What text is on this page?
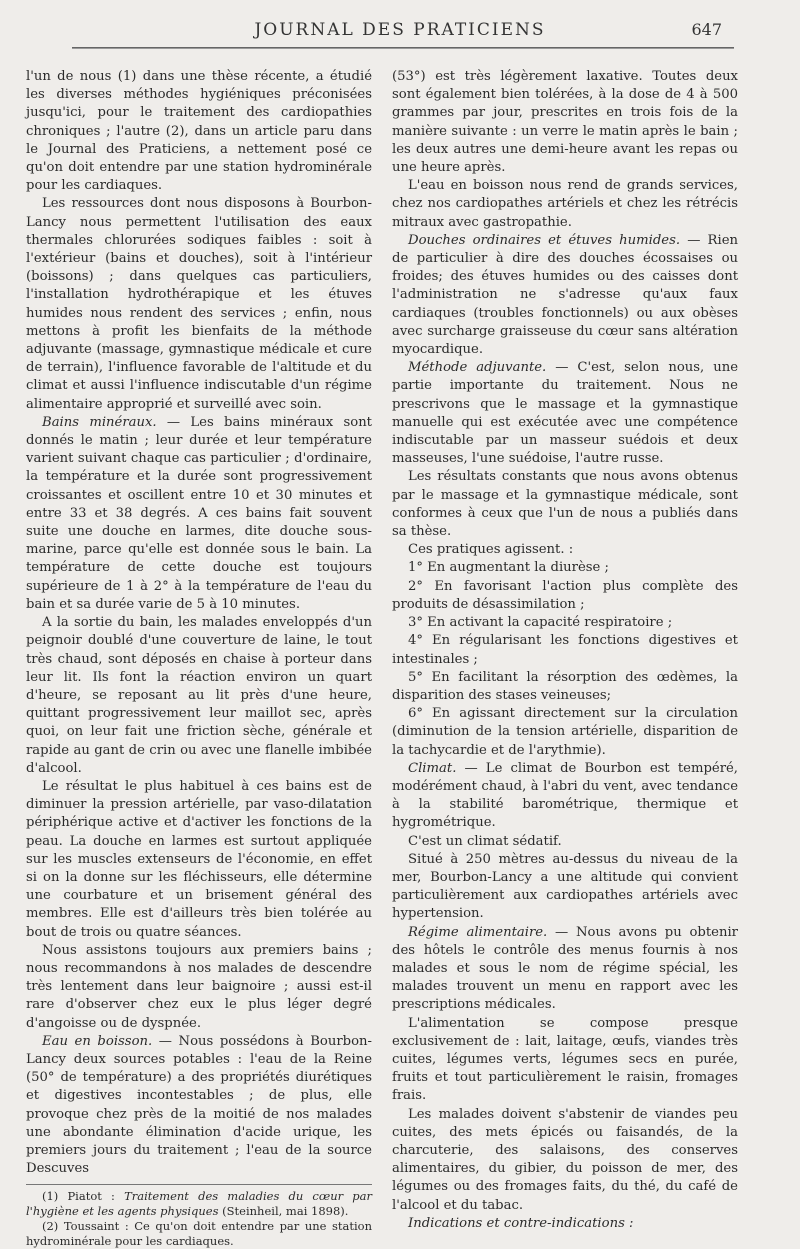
JOURNAL DES PRATICIENS	647

l'un de nous (1) dans une thèse récente, a étudié les diverses méthodes hygiéniques préconisées jusqu'ici, pour le traitement des cardiopathies chroniques ; l'autre (2), dans un article paru dans le Journal des Praticiens, a nettement posé ce qu'on doit entendre par une station hydrominérale pour les cardiaques.

Les ressources dont nous disposons à Bourbon-Lancy nous permettent l'utilisation des eaux thermales chlorurées sodiques faibles : soit à l'extérieur (bains et douches), soit à l'intérieur (boissons) ; dans quelques cas particuliers, l'installation hydrothérapique et les étuves humides nous rendent des services ; enfin, nous mettons à profit les bienfaits de la méthode adjuvante (massage, gymnastique médicale et cure de terrain), l'influence favorable de l'altitude et du climat et aussi l'influence indiscutable d'un régime alimentaire approprié et surveillé avec soin.

Bains minéraux. — Les bains minéraux sont donnés le matin ; leur durée et leur température varient suivant chaque cas particulier ; d'ordinaire, la température et la durée sont progressivement croissantes et oscillent entre 10 et 30 minutes et entre 33 et 38 degrés. A ces bains fait souvent suite une douche en larmes, dite douche sous-marine, parce qu'elle est donnée sous le bain. La température de cette douche est toujours supérieure de 1 à 2° à la température de l'eau du bain et sa durée varie de 5 à 10 minutes.

A la sortie du bain, les malades enveloppés d'un peignoir doublé d'une couverture de laine, le tout très chaud, sont déposés en chaise à porteur dans leur lit. Ils font la réaction environ un quart d'heure, se reposant au lit près d'une heure, quittant progressivement leur maillot sec, après quoi, on leur fait une friction sèche, générale et rapide au gant de crin ou avec une flanelle imbibée d'alcool.

Le résultat le plus habituel à ces bains est de diminuer la pression artérielle, par vaso-dilatation périphérique active et d'activer les fonctions de la peau. La douche en larmes est surtout appliquée sur les muscles extenseurs de l'économie, en effet si on la donne sur les fléchisseurs, elle détermine une courbature et un brisement général des membres. Elle est d'ailleurs très bien tolérée au bout de trois ou quatre séances.

Nous assistons toujours aux premiers bains ; nous recommandons à nos malades de descendre très lentement dans leur baignoire ; aussi est-il rare d'observer chez eux le plus léger degré d'angoisse ou de dyspnée.

Eau en boisson. — Nous possédons à Bourbon-Lancy deux sources potables : l'eau de la Reine (50° de température) a des propriétés diurétiques et digestives incontestables ; de plus, elle provoque chez près de la moitié de nos malades une abondante élimination d'acide urique, les premiers jours du traitement ; l'eau de la source Descuves

(1) Piatot : Traitement des maladies du cœur par l'hygiène et les agents physiques (Steinheil, mai 1898).

(2) Toussaint : Ce qu'on doit entendre par une station hydrominérale pour les cardiaques.

(53°) est très légèrement laxative. Toutes deux sont également bien tolérées, à la dose de 4 à 500 grammes par jour, prescrites en trois fois de la manière suivante : un verre le matin après le bain ; les deux autres une demi-heure avant les repas ou une heure après.

L'eau en boisson nous rend de grands services, chez nos cardiopathes artériels et chez les rétrécis mitraux avec gastropathie.

Douches ordinaires et étuves humides. — Rien de particulier à dire des douches écossaises ou froides; des étuves humides ou des caisses dont l'administration ne s'adresse qu'aux faux cardiaques (troubles fonctionnels) ou aux obèses avec surcharge graisseuse du cœur sans altération myocardique.

Méthode adjuvante. — C'est, selon nous, une partie importante du traitement. Nous ne prescrivons que le massage et la gymnastique manuelle qui est exécutée avec une compétence indiscutable par un masseur suédois et deux masseuses, l'une suédoise, l'autre russe.

Les résultats constants que nous avons obtenus par le massage et la gymnastique médicale, sont conformes à ceux que l'un de nous a publiés dans sa thèse.

Ces pratiques agissent. :

1° En augmentant la diurèse ;

2° En favorisant l'action plus complète des produits de désassimilation ;

3° En activant la capacité respiratoire ;

4° En régularisant les fonctions digestives et intestinales ;

5° En facilitant la résorption des œdèmes, la disparition des stases veineuses;

6° En agissant directement sur la circulation (diminution de la tension artérielle, disparition de la tachycardie et de l'arythmie).

Climat. — Le climat de Bourbon est tempéré, modérément chaud, à l'abri du vent, avec tendance à la stabilité barométrique, thermique et hygrométrique.

C'est un climat sédatif.

Situé à 250 mètres au-dessus du niveau de la mer, Bourbon-Lancy a une altitude qui convient particulièrement aux cardiopathes artériels avec hypertension.

Régime alimentaire. — Nous avons pu obtenir des hôtels le contrôle des menus fournis à nos malades et sous le nom de régime spécial, les malades trouvent un menu en rapport avec les prescriptions médicales.

L'alimentation se compose presque exclusivement de : lait, laitage, œufs, viandes très cuites, légumes verts, légumes secs en purée, fruits et tout particulièrement le raisin, fromages frais.

Les malades doivent s'abstenir de viandes peu cuites, des mets épicés ou faisandés, de la charcuterie, des salaisons, des conserves alimentaires, du gibier, du poisson de mer, des légumes ou des fromages faits, du thé, du café de l'alcool et du tabac.

Indications et contre-indications :
